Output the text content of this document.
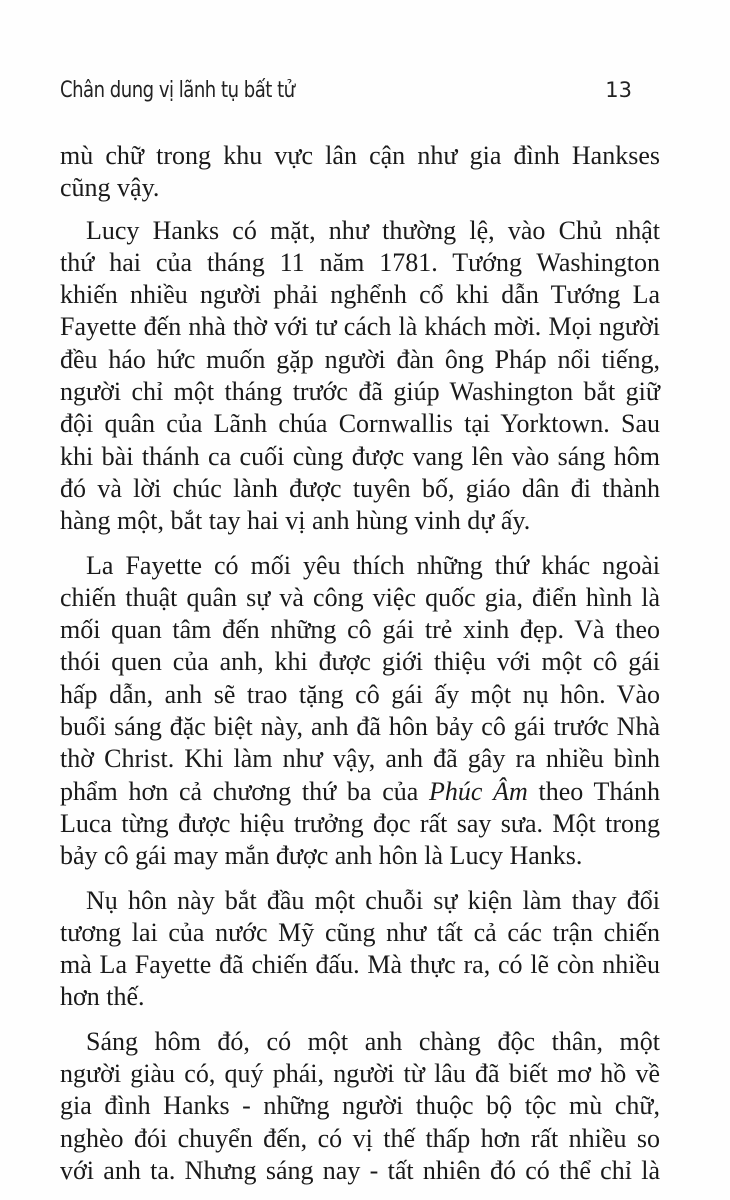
Chân dung vị lãnh tụ bất tử	13
mù chữ trong khu vực lân cận như gia đình Hankses
cũng vậy.
Lucy Hanks có mặt, như thường lệ, vào Chủ nhật
thứ hai của tháng 11 năm 1781. Tướng Washington
khiến nhiều người phải nghểnh cổ khi dẫn Tướng La
Fayette đến nhà thờ với tư cách là khách mời. Mọi người
đều háo hức muốn gặp người đàn ông Pháp nổi tiếng,
người chỉ một tháng trước đã giúp Washington bắt giữ
đội quân của Lãnh chúa Cornwallis tại Yorktown. Sau
khi bài thánh ca cuối cùng được vang lên vào sáng hôm
đó và lời chúc lành được tuyên bố, giáo dân đi thành
hàng một, bắt tay hai vị anh hùng vinh dự ấy.
La Fayette có mối yêu thích những thứ khác ngoài
chiến thuật quân sự và công việc quốc gia, điển hình là
mối quan tâm đến những cô gái trẻ xinh đẹp. Và theo
thói quen của anh, khi được giới thiệu với một cô gái
hấp dẫn, anh sẽ trao tặng cô gái ấy một nụ hôn. Vào
buổi sáng đặc biệt này, anh đã hôn bảy cô gái trước Nhà
thờ Christ. Khi làm như vậy, anh đã gây ra nhiều bình
phẩm hơn cả chương thứ ba của Phúc Âm theo Thánh
Luca từng được hiệu trưởng đọc rất say sưa. Một trong
bảy cô gái may mắn được anh hôn là Lucy Hanks.
Nụ hôn này bắt đầu một chuỗi sự kiện làm thay đổi
tương lai của nước Mỹ cũng như tất cả các trận chiến
mà La Fayette đã chiến đấu. Mà thực ra, có lẽ còn nhiều
hơn thế.
Sáng hôm đó, có một anh chàng độc thân, một
người giàu có, quý phái, người từ lâu đã biết mơ hồ về
gia đình Hanks - những người thuộc bộ tộc mù chữ,
nghèo đói chuyển đến, có vị thế thấp hơn rất nhiều so
với anh ta. Nhưng sáng nay - tất nhiên đó có thể chỉ là
